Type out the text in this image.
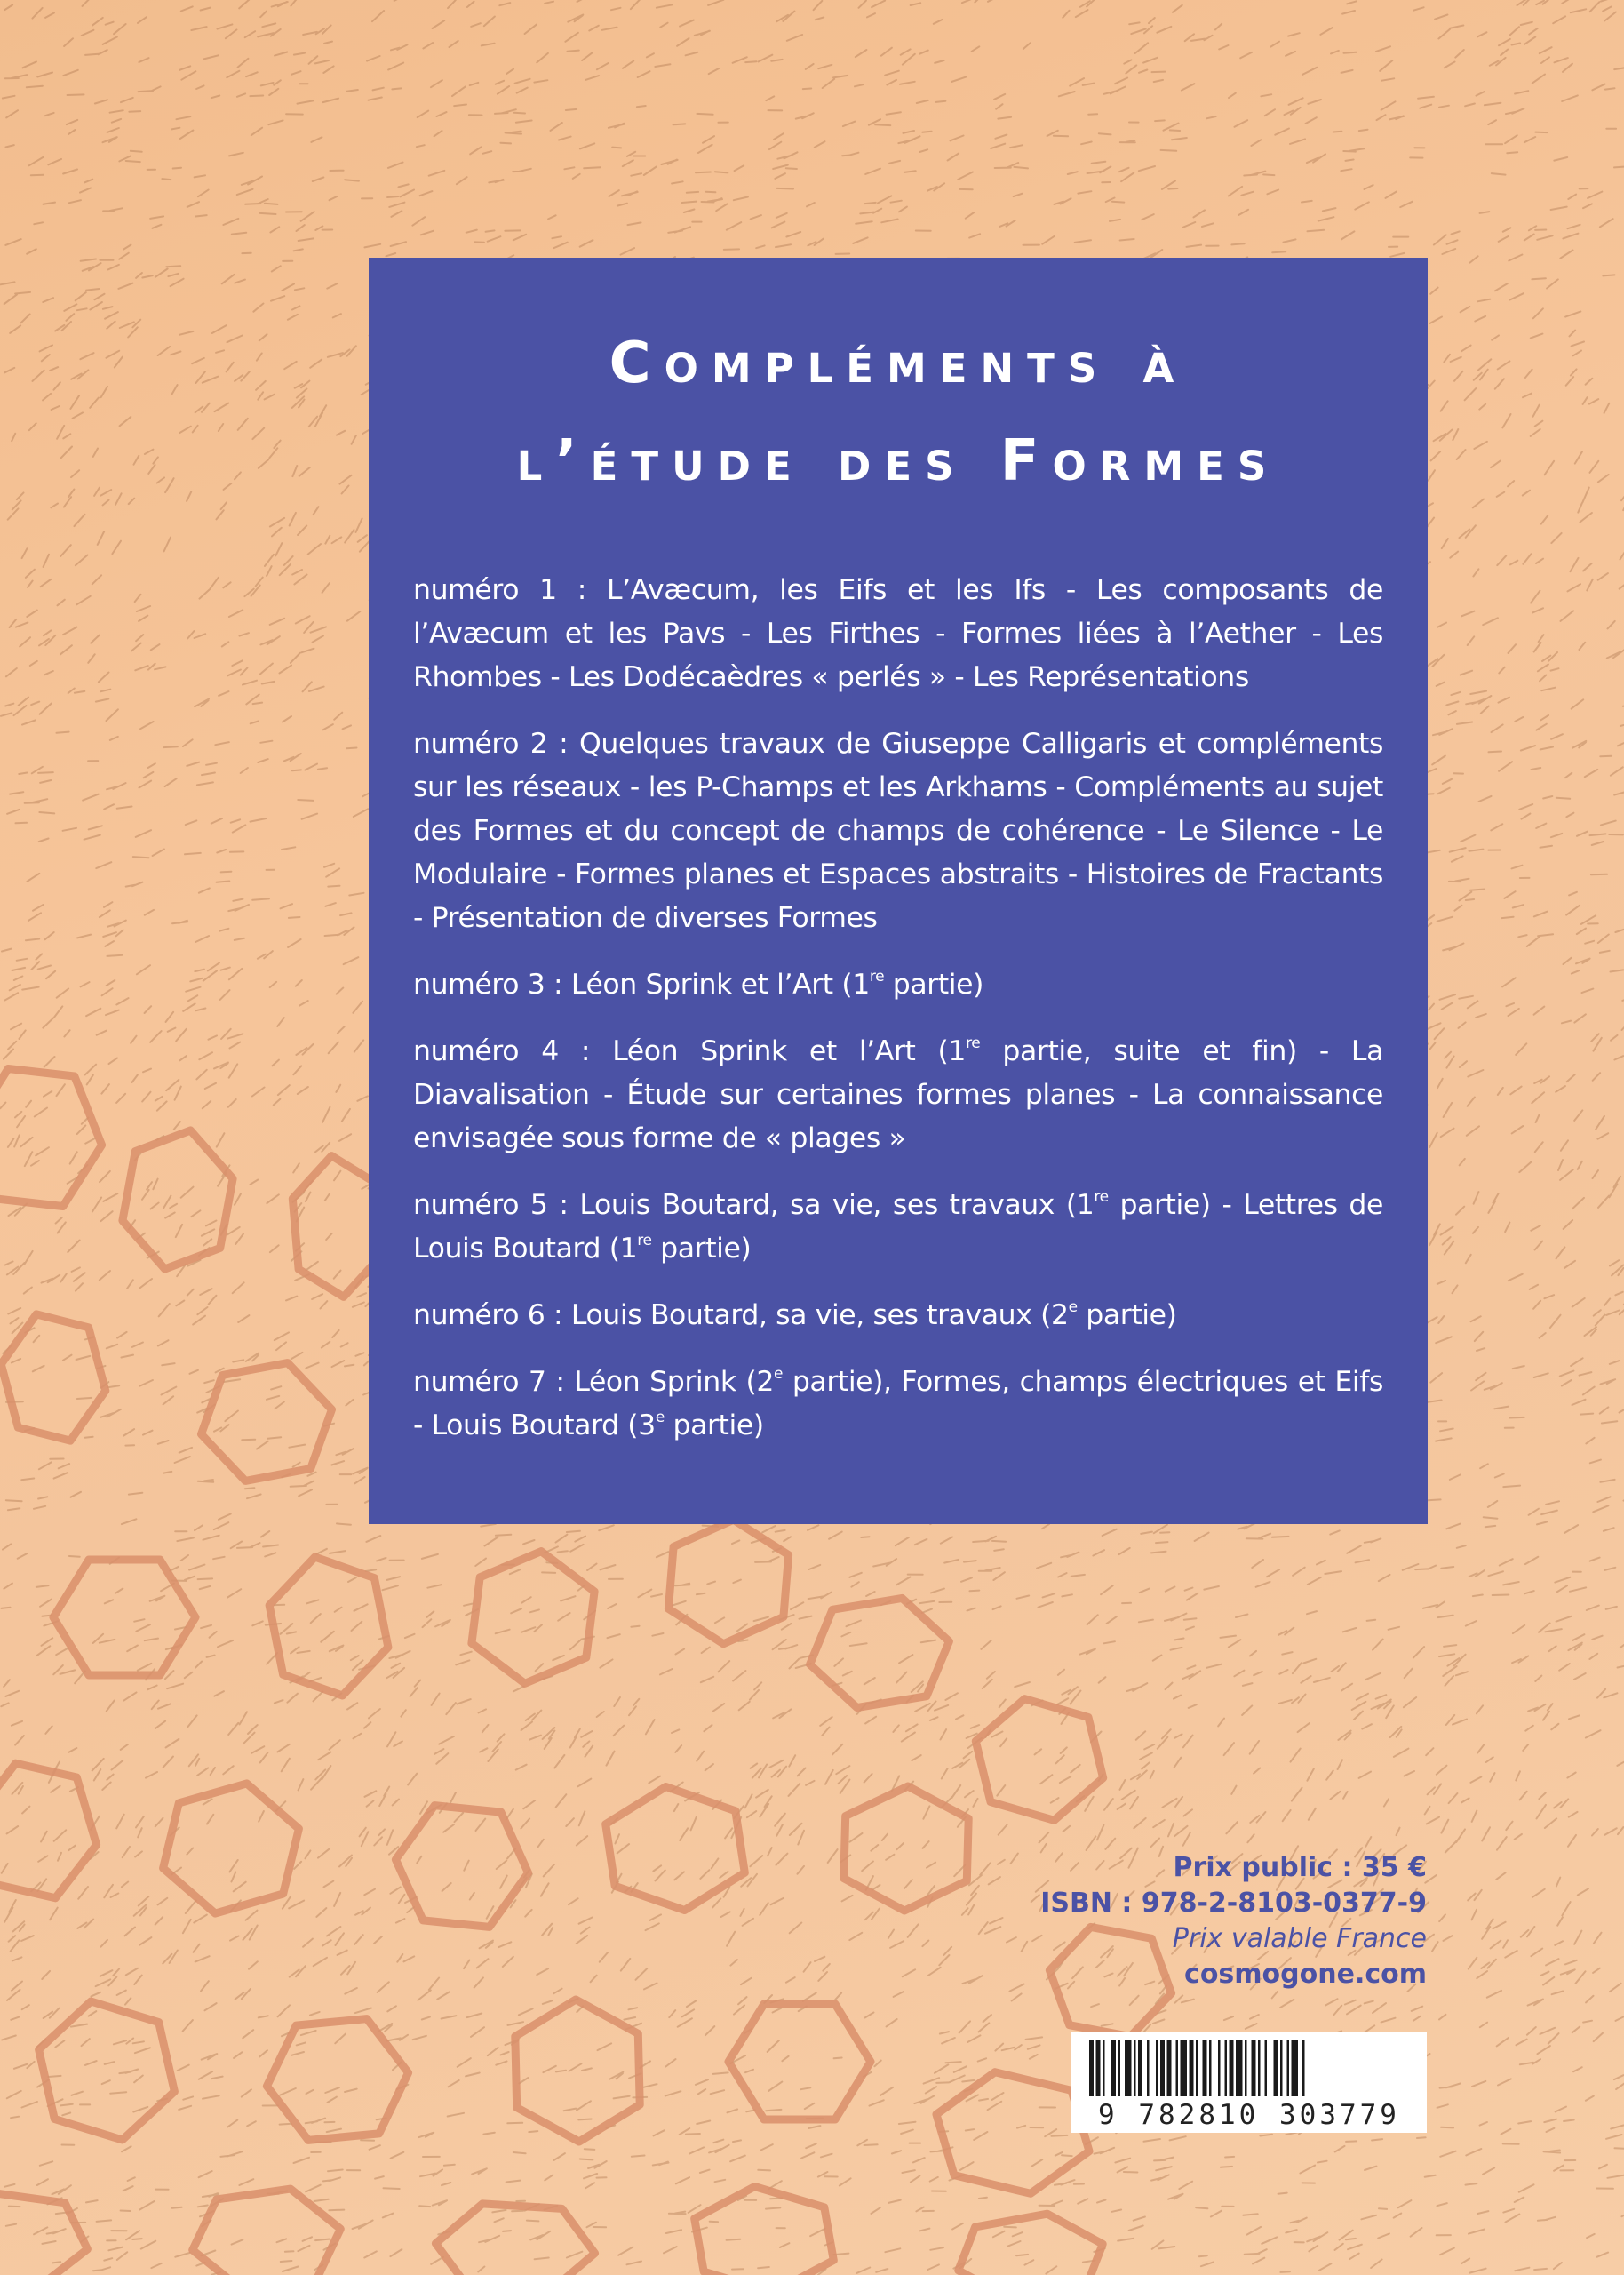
Compléments à
l’étude des Formes

numéro 1 : L’Avæcum, les Eifs et les Ifs - Les composants de l’Avæcum et les Pavs - Les Firthes - Formes liées à l’Aether - Les Rhombes - Les Dodécaèdres « perlés » - Les Représentations

numéro 2 : Quelques travaux de Giuseppe Calligaris et compléments sur les réseaux - les P-Champs et les Arkhams - Compléments au sujet des Formes et du concept de champs de cohérence - Le Silence - Le Modulaire - Formes planes et Espaces abstraits - Histoires de Fractants - Présentation de diverses Formes

numéro 3 : Léon Sprink et l’Art (1re partie)

numéro 4 : Léon Sprink et l’Art (1re partie, suite et fin) - La Diavalisation - Étude sur certaines formes planes - La connaissance envisagée sous forme de « plages »

numéro 5 : Louis Boutard, sa vie, ses travaux (1re partie) - Lettres de Louis Boutard (1re partie)

numéro 6 : Louis Boutard, sa vie, ses travaux (2e partie)

numéro 7 : Léon Sprink (2e partie), Formes, champs électriques et Eifs - Louis Boutard (3e partie)

Prix public : 35 €
ISBN : 978-2-8103-0377-9
Prix valable France
cosmogone.com
9 782810 303779
